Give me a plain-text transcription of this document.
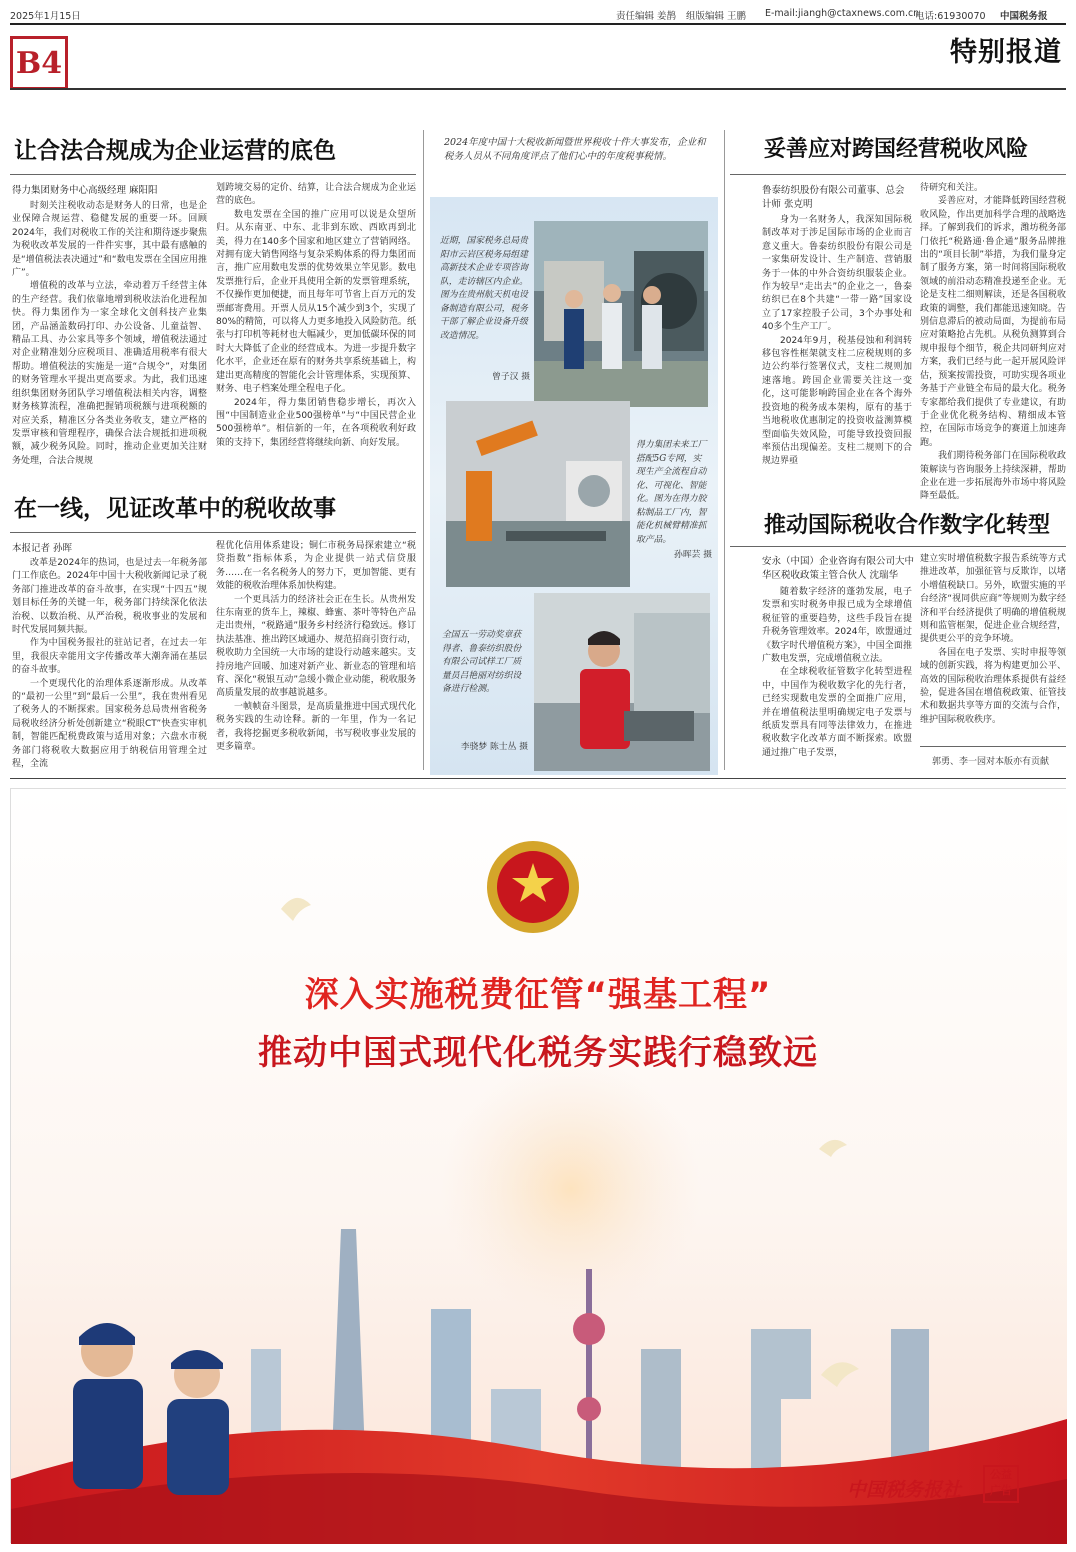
2025年1月15日	责任编辑 姜鹊 组版编辑 王鹏 E-mail:jiangh@ctaxnews.com.cn
电话:61930070 中国税务报
B4	特别报道
让合法合规成为企业运营的底色
得力集团财务中心高级经理 麻阳阳

时刻关注税收动态是财务人的日常，也是企业保障合规运营、稳健发展的重要一环。回顾2024年，我们对税收工作的关注和期待逐步聚焦为税收改革发展的一件件实事，其中最有感触的是“增值税法表决通过”和“数电发票在全国应用推广”。

增值税的改革与立法，牵动着万千经营主体的生产经营。我们依靠地增到税收法治化进程加快。得力集团作为一家全球化文创科技产业集团，产品涵盖数码打印、办公设备、儿童益智、精品工具、办公家具等多个领域，增值税法通过对企业精准划分应税项目、准确适用税率有很大帮助。增值税法的实施是一道“合规令”，对集团的财务管理水平提出更高要求。为此，我们迅速组织集团财务团队学习增值税法相关内容，调整财务核算流程，准确把握销项税额与进项税额的对应关系，精准区分各类业务收支，建立严格的发票审核和管理程序，确保合法合规抵扣进项税额，减少税务风险。同时，推动企业更加关注财务处理，合法合规规

划跨境交易的定价、结算，让合法合规成为企业运营的底色。

数电发票在全国的推广应用可以说是众望所归。从东南亚、中东、北非到东欧、西欧再到北美，得力在140多个国家和地区建立了营销网络。对拥有庞大销售网络与复杂采购体系的得力集团而言，推广应用数电发票的优势效果立竿见影。数电发票推行后，企业开具使用全新的发票管理系统，不仅操作更加便捷，而且每年可节省上百万元的发票邮寄费用。开票人员从15个减少到3个，实现了80%的精简，可以将人力更多地投入风险防范。纸张与打印机等耗材也大幅减少，更加低碳环保的同时大大降低了企业的经营成本。为进一步提升数字化水平，企业还在原有的财务共享系统基础上，构建出更高精度的智能化会计管理体系，实现预算、财务、电子档案处理全程电子化。

2024年，得力集团销售稳步增长，再次入围“中国制造业企业500强榜单”与“中国民营企业500强榜单”。相信新的一年，在各项税收利好政策的支持下，集团经营将继续向新、向好发展。

在一线，见证改革中的税收故事
本报记者 孙晖

改革是2024年的热词，也是过去一年税务部门工作底色。2024年中国十大税收新闻记录了税务部门推进改革的奋斗故事，在实现“十四五”规划目标任务的关键一年，税务部门持续深化依法治税、以数治税、从严治税，税收事业的发展和时代发展同频共振。

作为中国税务报社的驻站记者，在过去一年里，我很庆幸能用文字传播改革大潮奔涌在基层的奋斗故事。

一个更现代化的治理体系逐渐形成。从改革的“最初一公里”到“最后一公里”，我在贵州看见了税务人的不断探索。国家税务总局贵州省税务局税收经济分析处创新建立“税眼CT”快查实审机制，智能匹配税费政策与适用对象；六盘水市税务部门将税收大数据应用于纳税信用管理全过程，全流

程优化信用体系建设；铜仁市税务局探索建立“税贷指数”指标体系，为企业提供一站式信贷服务……在一名名税务人的努力下，更加智能、更有效能的税收治理体系加快构建。

一个更具活力的经济社会正在生长。从贵州发往东南亚的货车上，辣椒、蜂蜜、茶叶等特色产品走出贵州，“税路通”服务乡村经济行稳致远。修订执法基准、推出跨区域通办、规范招商引资行动，税收助力全国统一大市场的建设行动越来越实。支持房地产回暖、加速对新产业、新业态的管理和培育、深化“税银互动”急缓小微企业动能，税收服务高质量发展的故事越说越多。

一帧帧奋斗图景，是高质量推进中国式现代化税务实践的生动诠释。新的一年里，作为一名记者，我将挖掘更多税收新闻，书写税收事业发展的更多篇章。

2024年度中国十大税收新闻暨世界税收十件大事发布，企业和税务人员从不同角度评点了他们心中的年度税事税情。
近期，国家税务总局贵阳市云岩区税务局组建高新技术企业专项咨询队，走访辖区内企业。图为在贵州航天机电设备制造有限公司，税务干部了解企业设备升级改造情况。
曾子汉 摄
得力集团未来工厂搭配5G专网，实现生产全流程自动化、可视化、智能化。图为在得力胶粘制品工厂内，智能化机械臂精准抓取产品。
孙晖芸 摄
全国五一劳动奖章获得者、鲁泰纺织股份有限公司试样工厂质量员吕艳丽对纺织设备进行检测。
李骁梦 陈士丛 摄
妥善应对跨国经营税收风险
鲁泰纺织股份有限公司董事、总会
计师 张克明

身为一名财务人，我深知国际税制改革对于涉足国际市场的企业而言意义重大。鲁泰纺织股份有限公司是一家集研发设计、生产制造、营销服务于一体的中外合资纺织服装企业。作为较早“走出去”的企业之一，鲁泰纺织已在8个共建“一带一路”国家设立了17家控股子公司，3个办事处和40多个生产工厂。

2024年9月，税基侵蚀和利润转移包容性框架就支柱二应税规则的多边公约举行签署仪式，支柱二规则加速落地。跨国企业需要关注这一变化，这可能影响跨国企业在各个海外投资地的税务成本架构，原有的基于当地税收优惠制定的投资收益测算模型面临失效风险，可能导致投资回报率预估出现偏差。支柱二规则下的合规边界亟

待研究和关注。

妥善应对，才能降低跨国经营税收风险，作出更加科学合理的战略选择。了解到我们的诉求，潍坊税务部门依托“税路通·鲁企通”服务品牌推出的“项目长制”举措，为我们量身定制了服务方案，第一时间将国际税收领域的前沿动态精准投递至企业。无论是支柱二细则解读，还是各国税收政策的调整，我们都能迅速知晓。告别信息滞后的被动局面，为提前布局应对策略抢占先机。从税负测算到合规申报每个细节，税企共同研判应对方案，我们已经与此一起开展风险评估，预案按需投资，可助实现各项业务基于产业链全布局的最大化。税务专家都给我们提供了专业建议，有助于企业优化税务结构、精细成本管控，在国际市场竞争的赛道上加速奔跑。

我们期待税务部门在国际税收政策解读与咨询服务上持续深耕，帮助企业在进一步拓展海外市场中将风险降至最低。

推动国际税收合作数字化转型
安永（中国）企业咨询有限公司大中
华区税收政策主管合伙人 沈瑞华

随着数字经济的蓬勃发展，电子发票和实时税务申报已成为全球增值税征管的重要趋势，这些手段旨在提升税务管理效率。2024年，欧盟通过《数字时代增值税方案》，中国全面推广数电发票，完成增值税立法。

在全球税收征管数字化转型进程中，中国作为税收数字化的先行者，已经实现数电发票的全面推广应用，并在增值税法里明确规定电子发票与纸质发票具有同等法律效力，在推进税收数字化改革方面不断探索。欧盟通过推广电子发票，

建立实时增值税数字报告系统等方式推进改革，加强征管与反欺诈，以堵小增值税缺口。另外，欧盟实施的平台经济“视同供应商”等规则为数字经济和平台经济提供了明确的增值税规则和监管框架，促进企业合规经营，提供更公平的竞争环境。

各国在电子发票、实时申报等领域的创新实践，将为构建更加公平、高效的国际税收治理体系提供有益经验，促进各国在增值税政策、征管技术和数据共享等方面的交流与合作，维护国际税收秩序。

郭勇、李一园对本版亦有贡献
深入实施税费征管“强基工程”
推动中国式现代化税务实践行稳致远
中国税务报社
公益广告
